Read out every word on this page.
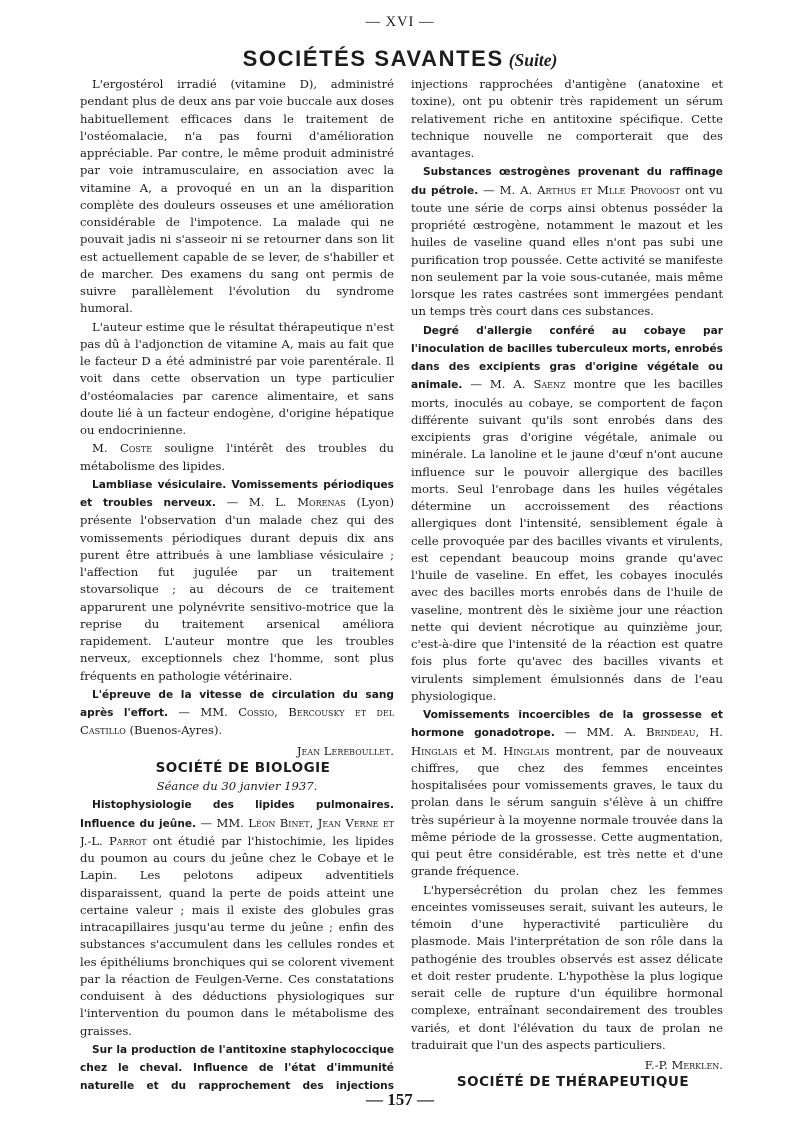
— XVI —
SOCIÉTÉS SAVANTES (Suite)

L'ergostérol irradié (vitamine D), administré pendant plus de deux ans par voie buccale aux doses habituellement efficaces dans le traitement de l'ostéomalacie, n'a pas fourni d'amélioration appréciable. Par contre, le même produit administré par voie intramusculaire, en association avec la vitamine A, a provoqué en un an la disparition complète des douleurs osseuses et une amélioration considérable de l'impotence. La malade qui ne pouvait jadis ni s'asseoir ni se retourner dans son lit est actuellement capable de se lever, de s'habiller et de marcher. Des examens du sang ont permis de suivre parallèlement l'évolution du syndrome humoral.

L'auteur estime que le résultat thérapeutique n'est pas dû à l'adjonction de vitamine A, mais au fait que le facteur D a été administré par voie parentérale. Il voit dans cette observation un type particulier d'ostéomalacies par carence alimentaire, et sans doute lié à un facteur endogène, d'origine hépatique ou endocrinienne.

M. Coste souligne l'intérêt des troubles du métabolisme des lipides.

Lambliase vésiculaire. Vomissements périodiques et troubles nerveux. — M. L. Morenas (Lyon) présente l'observation d'un malade chez qui des vomissements périodiques durant depuis dix ans purent être attribués à une lambliase vésiculaire ; l'affection fut jugulée par un traitement stovarsolique ; au décours de ce traitement apparurent une polynévrite sensitivo-motrice que la reprise du traitement arsenical améliora rapidement. L'auteur montre que les troubles nerveux, exceptionnels chez l'homme, sont plus fréquents en pathologie vétérinaire.

L'épreuve de la vitesse de circulation du sang après l'effort. — MM. Cossio, Bercousky et del Castillo (Buenos-Ayres).

Jean Lereboullet.

SOCIÉTÉ DE BIOLOGIE

Séance du 30 janvier 1937.

Histophysiologie des lipides pulmonaires. Influence du jeûne. — MM. Léon Binet, Jean Verne et J.-L. Parrot ont étudié par l'histochimie, les lipides du poumon au cours du jeûne chez le Cobaye et le Lapin. Les pelotons adipeux adventitiels disparaissent, quand la perte de poids atteint une certaine valeur ; mais il existe des globules gras intracapillaires jusqu'au terme du jeûne ; enfin des substances s'accumulent dans les cellules rondes et les épithéliums bronchiques qui se colorent vivement par la réaction de Feulgen-Verne. Ces constatations conduisent à des déductions physiologiques sur l'intervention du poumon dans le métabolisme des graisses.

Sur la production de l'antitoxine staphylococcique chez le cheval. Influence de l'état d'immunité naturelle et du rapprochement des injections

injections rapprochées d'antigène (anatoxine et toxine), ont pu obtenir très rapidement un sérum relativement riche en antitoxine spécifique. Cette technique nouvelle ne comporterait que des avantages.

Substances œstrogènes provenant du raffinage du pétrole. — M. A. Arthus et Mlle Provoost ont vu toute une série de corps ainsi obtenus posséder la propriété œstrogène, notamment le mazout et les huiles de vaseline quand elles n'ont pas subi une purification trop poussée. Cette activité se manifeste non seulement par la voie sous-cutanée, mais même lorsque les rates castrées sont immergées pendant un temps très court dans ces substances.

Degré d'allergie conféré au cobaye par l'inoculation de bacilles tuberculeux morts, enrobés dans des excipients gras d'origine végétale ou animale. — M. A. Saenz montre que les bacilles morts, inoculés au cobaye, se comportent de façon différente suivant qu'ils sont enrobés dans des excipients gras d'origine végétale, animale ou minérale. La lanoline et le jaune d'œuf n'ont aucune influence sur le pouvoir allergique des bacilles morts. Seul l'enrobage dans les huiles végétales détermine un accroissement des réactions allergiques dont l'intensité, sensiblement égale à celle provoquée par des bacilles vivants et virulents, est cependant beaucoup moins grande qu'avec l'huile de vaseline. En effet, les cobayes inoculés avec des bacilles morts enrobés dans de l'huile de vaseline, montrent dès le sixième jour une réaction nette qui devient nécrotique au quinzième jour, c'est-à-dire que l'intensité de la réaction est quatre fois plus forte qu'avec des bacilles vivants et virulents simplement émulsionnés dans de l'eau physiologique.

Vomissements incoercibles de la grossesse et hormone gonadotrope. — MM. A. Brindeau, H. Hinglais et M. Hinglais montrent, par de nouveaux chiffres, que chez des femmes enceintes hospitalisées pour vomissements graves, le taux du prolan dans le sérum sanguin s'élève à un chiffre très supérieur à la moyenne normale trouvée dans la même période de la grossesse. Cette augmentation, qui peut être considérable, est très nette et d'une grande fréquence.

L'hypersécrétion du prolan chez les femmes enceintes vomisseuses serait, suivant les auteurs, le témoin d'une hyperactivité particulière du plasmode. Mais l'interprétation de son rôle dans la pathogénie des troubles observés est assez délicate et doit rester prudente. L'hypothèse la plus logique serait celle de rupture d'un équilibre hormonal complexe, entraînant secondairement des troubles variés, et dont l'élévation du taux de prolan ne traduirait que l'un des aspects particuliers.

F.-P. Merklen.

SOCIÉTÉ DE THÉRAPEUTIQUE

— 157 —
